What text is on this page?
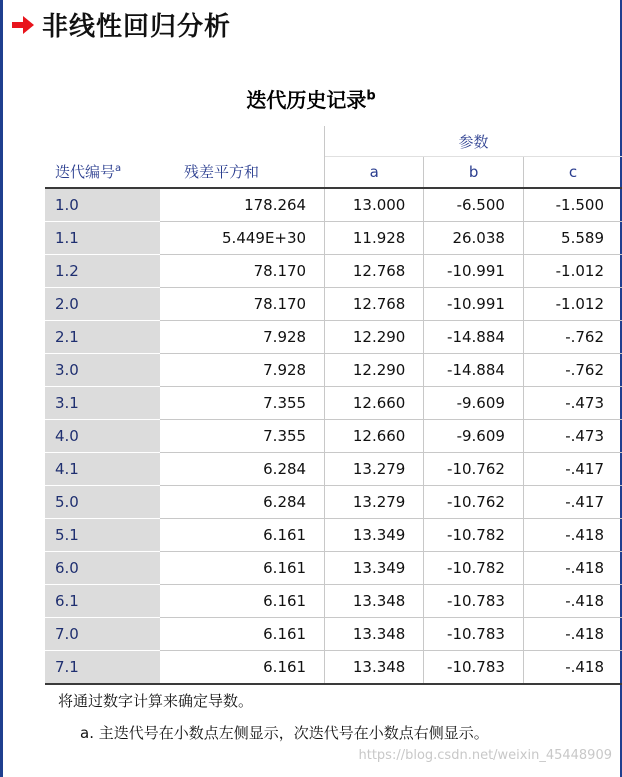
非线性回归分析
迭代历史记录$^b$
		参数		
迭代编号$^a$	残差平方和	a	b	c
1.0	178.264	13.000	-6.500	-1.500
1.1	5.449E+30	11.928	26.038	5.589
1.2	78.170	12.768	-10.991	-1.012
2.0	78.170	12.768	-10.991	-1.012
2.1	7.928	12.290	-14.884	-.762
3.0	7.928	12.290	-14.884	-.762
3.1	7.355	12.660	-9.609	-.473
4.0	7.355	12.660	-9.609	-.473
4.1	6.284	13.279	-10.762	-.417
5.0	6.284	13.279	-10.762	-.417
5.1	6.161	13.349	-10.782	-.418
6.0	6.161	13.349	-10.782	-.418
6.1	6.161	13.348	-10.783	-.418
7.0	6.161	13.348	-10.783	-.418
7.1	6.161	13.348	-10.783	-.418
将通过数字计算来确定导数。
a. 主迭代号在小数点左侧显示，次迭代号在小数点右侧显示。
https://blog.csdn.net/weixin_45448909
